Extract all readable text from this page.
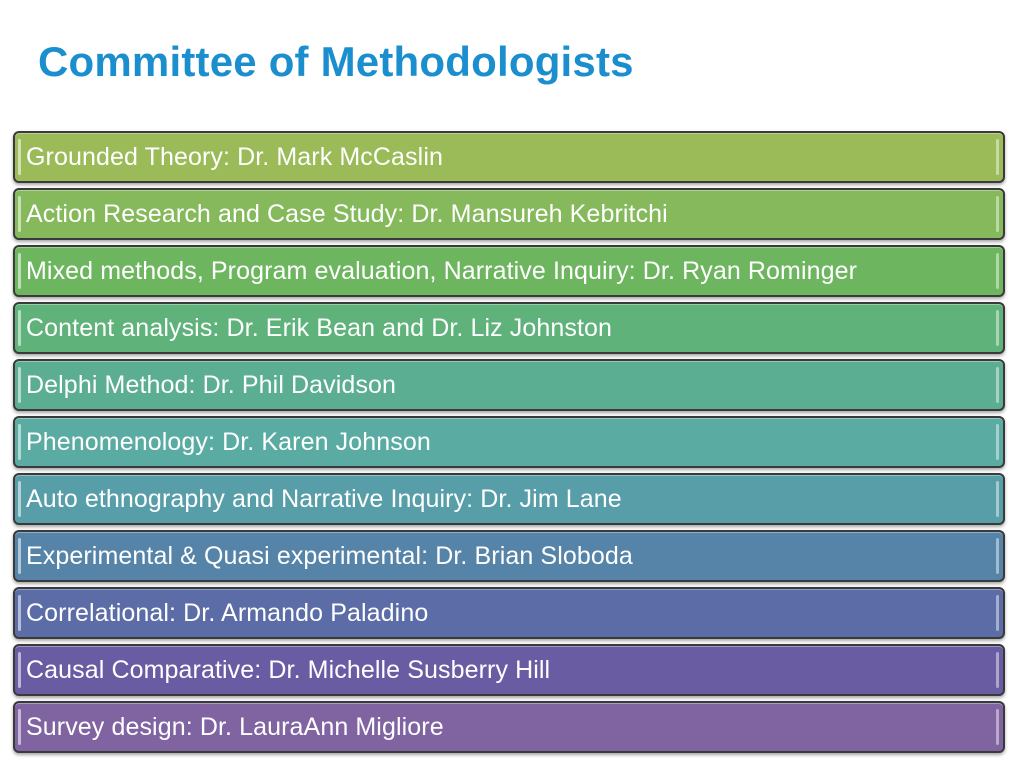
Committee of Methodologists
Grounded Theory: Dr. Mark McCaslin
Action Research and Case Study: Dr. Mansureh Kebritchi
Mixed methods, Program evaluation, Narrative Inquiry: Dr. Ryan Rominger
Content analysis: Dr. Erik Bean and Dr. Liz Johnston
Delphi Method: Dr. Phil Davidson
Phenomenology: Dr. Karen Johnson
Auto ethnography and Narrative Inquiry: Dr. Jim Lane
Experimental & Quasi experimental: Dr. Brian Sloboda
Correlational: Dr. Armando Paladino
Causal Comparative: Dr. Michelle Susberry Hill
Survey design: Dr. LauraAnn Migliore
